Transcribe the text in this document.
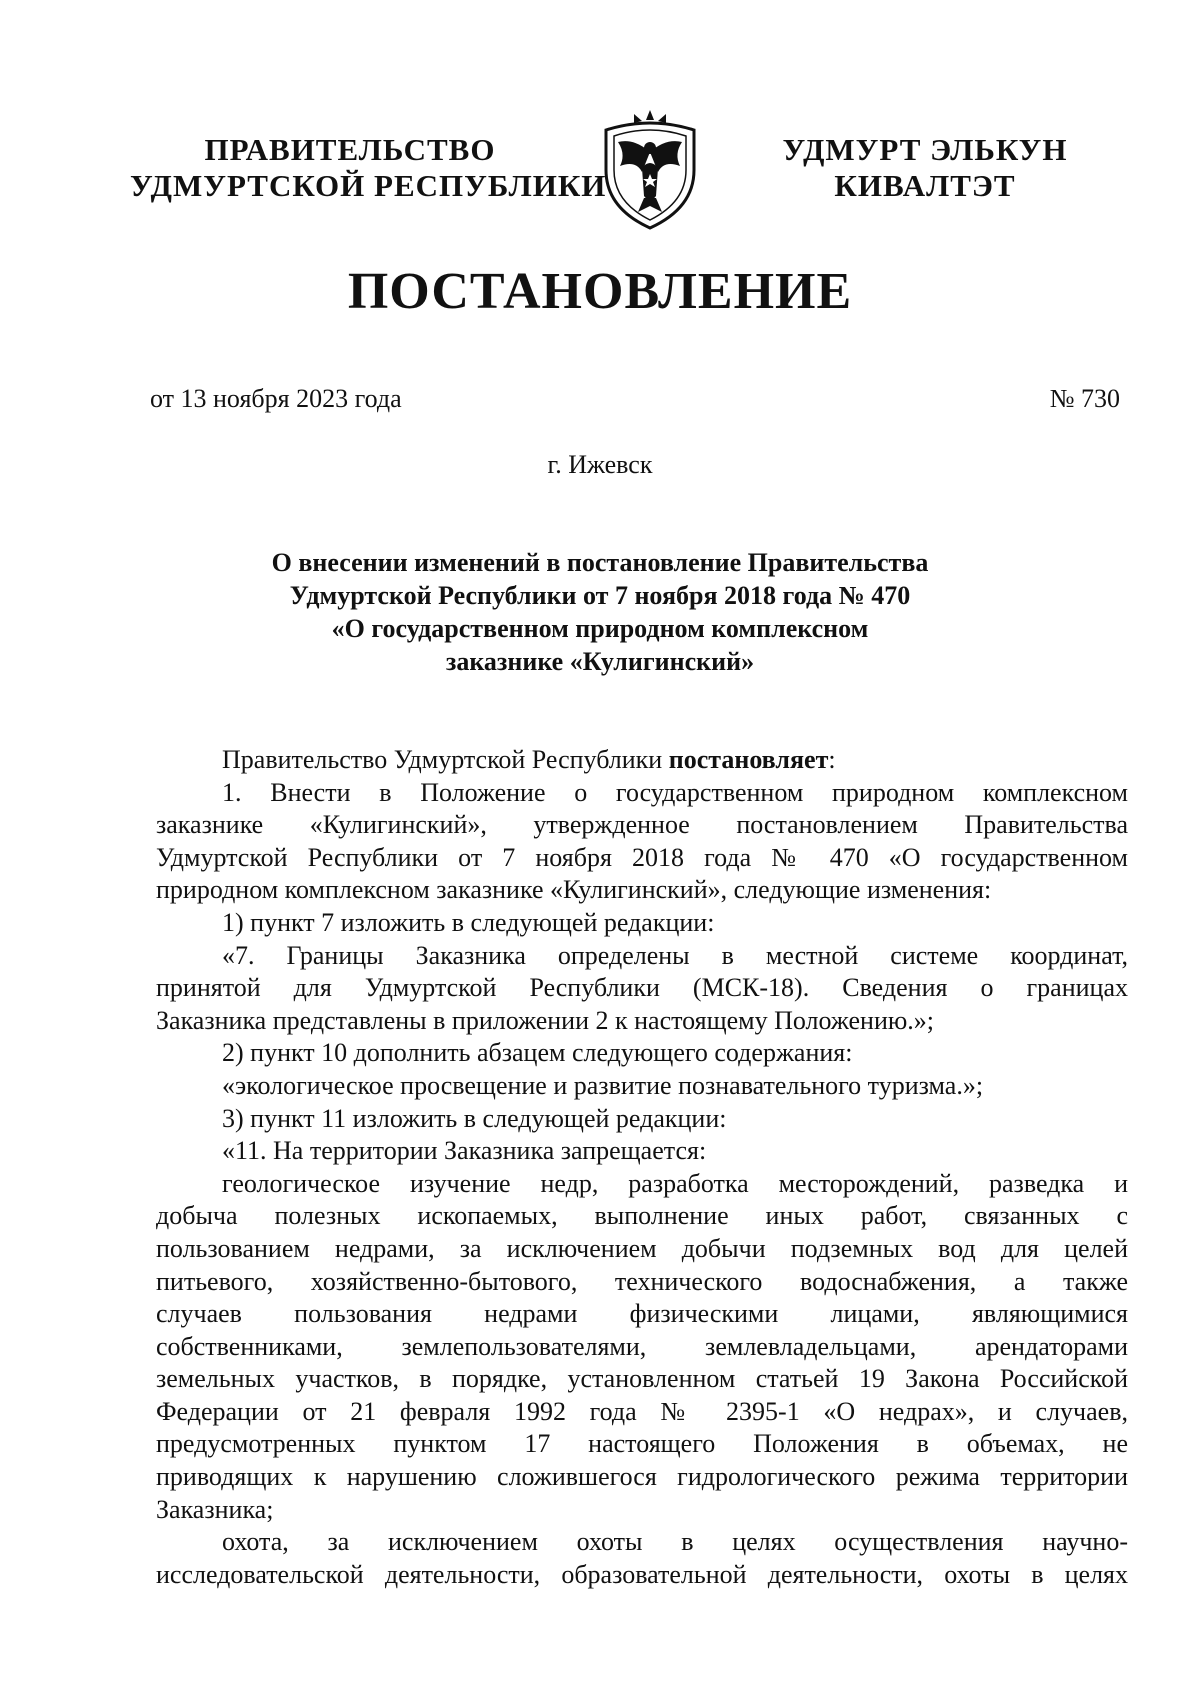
ПРАВИТЕЛЬСТВО
УДМУРТСКОЙ РЕСПУБЛИКИ
УДМУРТ ЭЛЬКУН
КИВАЛТЭТ
ПОСТАНОВЛЕНИЕ
от 13 ноября 2023 года	№ 730
г. Ижевск
О внесении изменений в постановление Правительства
Удмуртской Республики от 7 ноября 2018 года № 470
«О государственном природном комплексном
заказнике «Кулигинский»
Правительство Удмуртской Республики постановляет:
1. Внести в Положение о государственном природном комплексном
заказнике «Кулигинский», утвержденное постановлением Правительства
Удмуртской Республики от 7 ноября 2018 года № 470 «О государственном
природном комплексном заказнике «Кулигинский», следующие изменения:
1) пункт 7 изложить в следующей редакции:
«7. Границы Заказника определены в местной системе координат,
принятой для Удмуртской Республики (МСК-18). Сведения о границах
Заказника представлены в приложении 2 к настоящему Положению.»;
2) пункт 10 дополнить абзацем следующего содержания:
«экологическое просвещение и развитие познавательного туризма.»;
3) пункт 11 изложить в следующей редакции:
«11. На территории Заказника запрещается:
геологическое изучение недр, разработка месторождений, разведка и
добыча полезных ископаемых, выполнение иных работ, связанных с
пользованием недрами, за исключением добычи подземных вод для целей
питьевого, хозяйственно-бытового, технического водоснабжения, а также
случаев пользования недрами физическими лицами, являющимися
собственниками, землепользователями, землевладельцами, арендаторами
земельных участков, в порядке, установленном статьей 19 Закона Российской
Федерации от 21 февраля 1992 года № 2395-1 «О недрах», и случаев,
предусмотренных пунктом 17 настоящего Положения в объемах, не
приводящих к нарушению сложившегося гидрологического режима территории
Заказника;
охота, за исключением охоты в целях осуществления научно-
исследовательской деятельности, образовательной деятельности, охоты в целях
